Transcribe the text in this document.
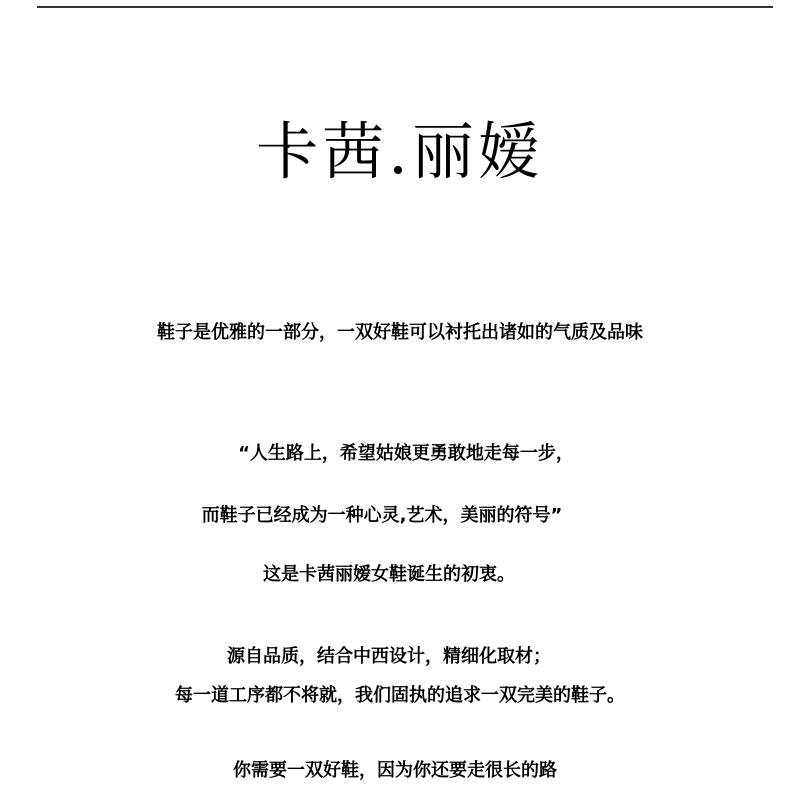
卡茜.丽嫒
鞋子是优雅的一部分，一双好鞋可以衬托出诸如的气质及品味
“人生路上，希望姑娘更勇敢地走每一步，
而鞋子已经成为一种心灵,艺术，美丽的符号”
这是卡茜丽嫒女鞋诞生的初衷。
源自品质，结合中西设计，精细化取材；
每一道工序都不将就，我们固执的追求一双完美的鞋子。
你需要一双好鞋，因为你还要走很长的路
